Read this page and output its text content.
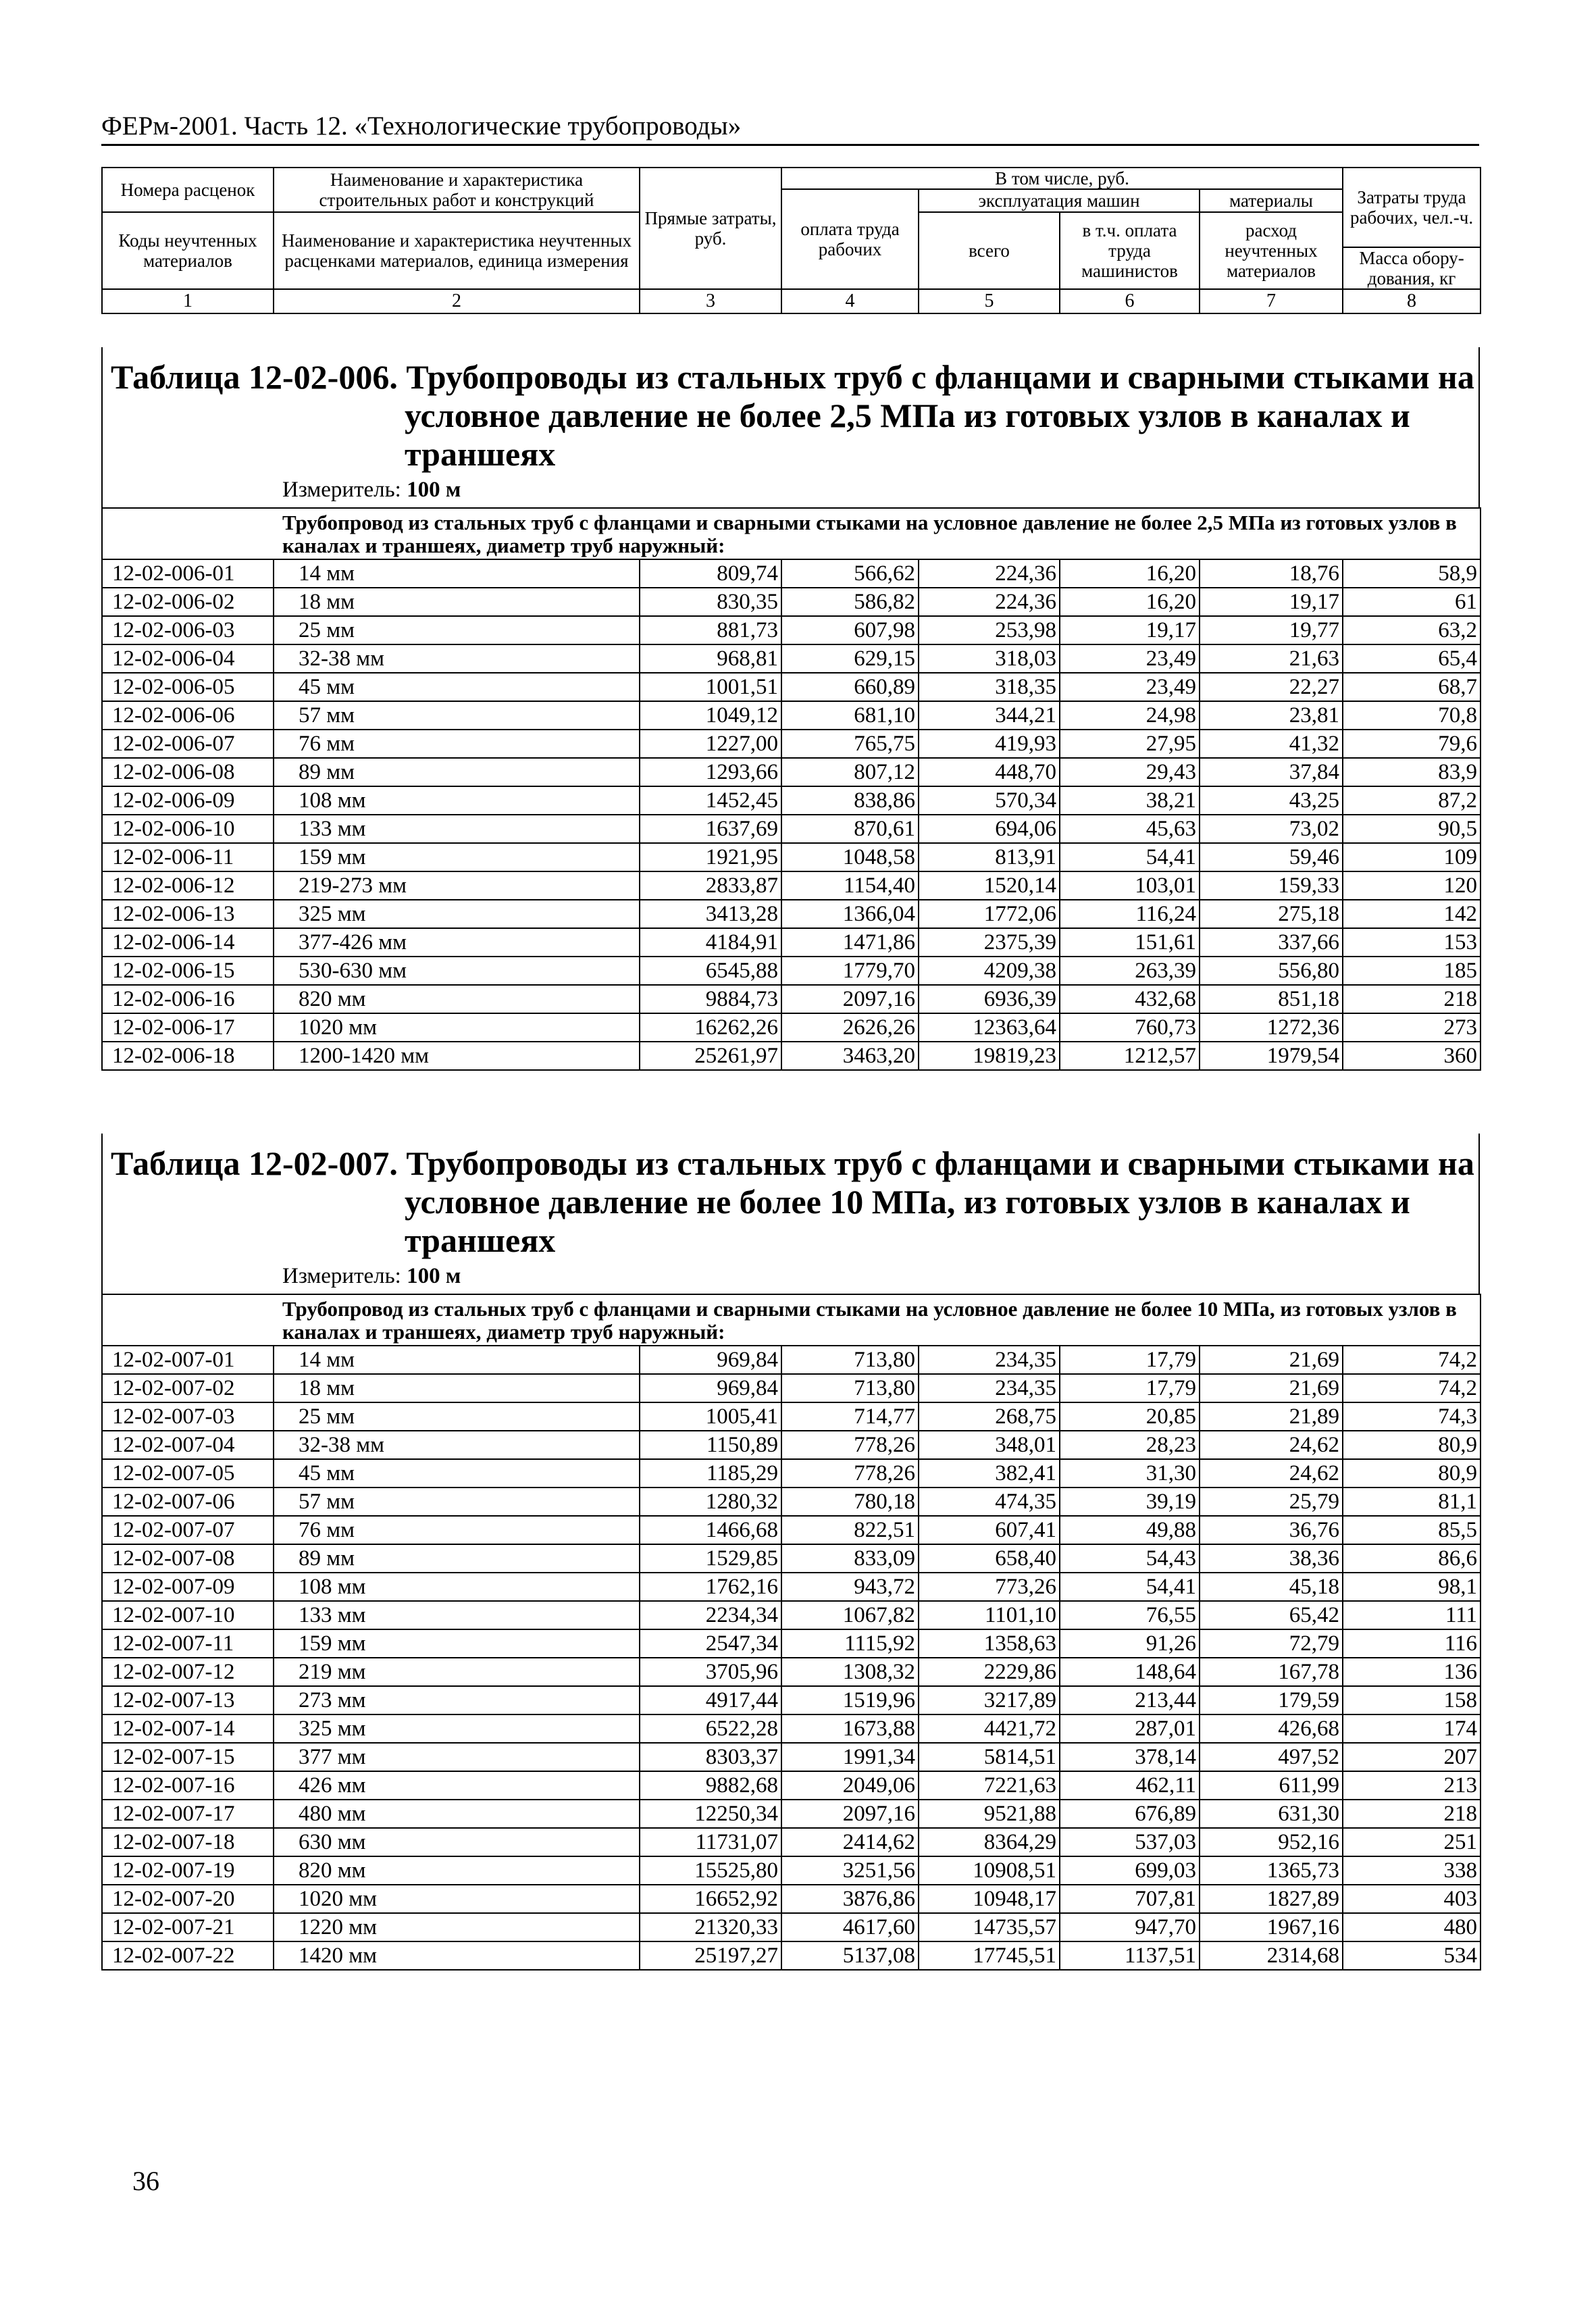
ФЕРм-2001. Часть 12. «Технологические трубопроводы»
Номера расценок	Наименование и характеристика строительных работ и конструкций	Прямые затраты, руб.	В том числе, руб.				Затраты труда рабочих, чел.-ч.
			оплата труда рабочих	эксплуатация машин		материалы	
Коды неучтенных материалов	Наименование и характеристика неучтенных расценками материалов, единица измерения			всего	в т.ч. оплата труда машинистов	расход неучтенных материалов	
							Масса обору-дования, кг
1	2	3	4	5	6	7	8
Таблица 12-02-006. Трубопроводы из стальных труб с фланцами и сварными стыками на
условное давление не более 2,5 МПа из готовых узлов в каналах и
траншеях
Измеритель: 100 м
Трубопровод из стальных труб с фланцами и сварными стыками на условное давление не более 2,5 МПа из готовых узлов в каналах и траншеях, диаметр труб наружный:							
12-02-006-01	14 мм	809,74	566,62	224,36	16,20	18,76	58,9
12-02-006-02	18 мм	830,35	586,82	224,36	16,20	19,17	61
12-02-006-03	25 мм	881,73	607,98	253,98	19,17	19,77	63,2
12-02-006-04	32-38 мм	968,81	629,15	318,03	23,49	21,63	65,4
12-02-006-05	45 мм	1001,51	660,89	318,35	23,49	22,27	68,7
12-02-006-06	57 мм	1049,12	681,10	344,21	24,98	23,81	70,8
12-02-006-07	76 мм	1227,00	765,75	419,93	27,95	41,32	79,6
12-02-006-08	89 мм	1293,66	807,12	448,70	29,43	37,84	83,9
12-02-006-09	108 мм	1452,45	838,86	570,34	38,21	43,25	87,2
12-02-006-10	133 мм	1637,69	870,61	694,06	45,63	73,02	90,5
12-02-006-11	159 мм	1921,95	1048,58	813,91	54,41	59,46	109
12-02-006-12	219-273 мм	2833,87	1154,40	1520,14	103,01	159,33	120
12-02-006-13	325 мм	3413,28	1366,04	1772,06	116,24	275,18	142
12-02-006-14	377-426 мм	4184,91	1471,86	2375,39	151,61	337,66	153
12-02-006-15	530-630 мм	6545,88	1779,70	4209,38	263,39	556,80	185
12-02-006-16	820 мм	9884,73	2097,16	6936,39	432,68	851,18	218
12-02-006-17	1020 мм	16262,26	2626,26	12363,64	760,73	1272,36	273
12-02-006-18	1200-1420 мм	25261,97	3463,20	19819,23	1212,57	1979,54	360
Таблица 12-02-007. Трубопроводы из стальных труб с фланцами и сварными стыками на
условное давление не более 10 МПа, из готовых узлов в каналах и
траншеях
Измеритель: 100 м
Трубопровод из стальных труб с фланцами и сварными стыками на условное давление не более 10 МПа, из готовых узлов в каналах и траншеях, диаметр труб наружный:							
12-02-007-01	14 мм	969,84	713,80	234,35	17,79	21,69	74,2
12-02-007-02	18 мм	969,84	713,80	234,35	17,79	21,69	74,2
12-02-007-03	25 мм	1005,41	714,77	268,75	20,85	21,89	74,3
12-02-007-04	32-38 мм	1150,89	778,26	348,01	28,23	24,62	80,9
12-02-007-05	45 мм	1185,29	778,26	382,41	31,30	24,62	80,9
12-02-007-06	57 мм	1280,32	780,18	474,35	39,19	25,79	81,1
12-02-007-07	76 мм	1466,68	822,51	607,41	49,88	36,76	85,5
12-02-007-08	89 мм	1529,85	833,09	658,40	54,43	38,36	86,6
12-02-007-09	108 мм	1762,16	943,72	773,26	54,41	45,18	98,1
12-02-007-10	133 мм	2234,34	1067,82	1101,10	76,55	65,42	111
12-02-007-11	159 мм	2547,34	1115,92	1358,63	91,26	72,79	116
12-02-007-12	219 мм	3705,96	1308,32	2229,86	148,64	167,78	136
12-02-007-13	273 мм	4917,44	1519,96	3217,89	213,44	179,59	158
12-02-007-14	325 мм	6522,28	1673,88	4421,72	287,01	426,68	174
12-02-007-15	377 мм	8303,37	1991,34	5814,51	378,14	497,52	207
12-02-007-16	426 мм	9882,68	2049,06	7221,63	462,11	611,99	213
12-02-007-17	480 мм	12250,34	2097,16	9521,88	676,89	631,30	218
12-02-007-18	630 мм	11731,07	2414,62	8364,29	537,03	952,16	251
12-02-007-19	820 мм	15525,80	3251,56	10908,51	699,03	1365,73	338
12-02-007-20	1020 мм	16652,92	3876,86	10948,17	707,81	1827,89	403
12-02-007-21	1220 мм	21320,33	4617,60	14735,57	947,70	1967,16	480
12-02-007-22	1420 мм	25197,27	5137,08	17745,51	1137,51	2314,68	534
36
